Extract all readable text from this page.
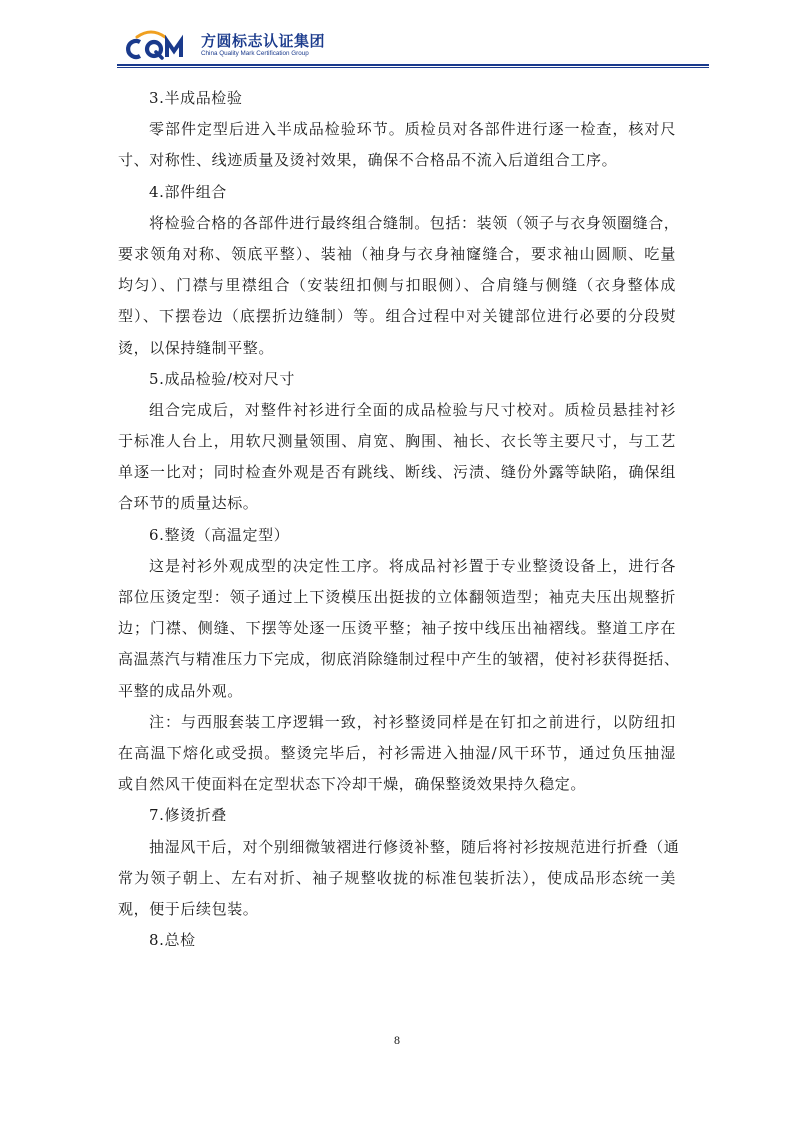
方圆标志认证集团
China Quality Mark Certification Group
3.半成品检验
零部件定型后进入半成品检验环节。质检员对各部件进行逐一检查，核对尺
寸、对称性、线迹质量及烫衬效果，确保不合格品不流入后道组合工序。
4.部件组合
将检验合格的各部件进行最终组合缝制。包括：装领（领子与衣身领圈缝合，
要求领角对称、领底平整）、装袖（袖身与衣身袖窿缝合，要求袖山圆顺、吃量
均匀）、门襟与里襟组合（安装纽扣侧与扣眼侧）、合肩缝与侧缝（衣身整体成
型）、下摆卷边（底摆折边缝制）等。组合过程中对关键部位进行必要的分段熨
烫，以保持缝制平整。
5.成品检验/校对尺寸
组合完成后，对整件衬衫进行全面的成品检验与尺寸校对。质检员悬挂衬衫
于标准人台上，用软尺测量领围、肩宽、胸围、袖长、衣长等主要尺寸，与工艺
单逐一比对；同时检查外观是否有跳线、断线、污渍、缝份外露等缺陷，确保组
合环节的质量达标。
6.整烫（高温定型）
这是衬衫外观成型的决定性工序。将成品衬衫置于专业整烫设备上，进行各
部位压烫定型：领子通过上下烫模压出挺拔的立体翻领造型；袖克夫压出规整折
边；门襟、侧缝、下摆等处逐一压烫平整；袖子按中线压出袖褶线。整道工序在
高温蒸汽与精准压力下完成，彻底消除缝制过程中产生的皱褶，使衬衫获得挺括、
平整的成品外观。
注：与西服套装工序逻辑一致，衬衫整烫同样是在钉扣之前进行，以防纽扣
在高温下熔化或受损。整烫完毕后，衬衫需进入抽湿/风干环节，通过负压抽湿
或自然风干使面料在定型状态下冷却干燥，确保整烫效果持久稳定。
7.修烫折叠
抽湿风干后，对个别细微皱褶进行修烫补整，随后将衬衫按规范进行折叠（通
常为领子朝上、左右对折、袖子规整收拢的标准包装折法），使成品形态统一美
观，便于后续包装。
8.总检
8
